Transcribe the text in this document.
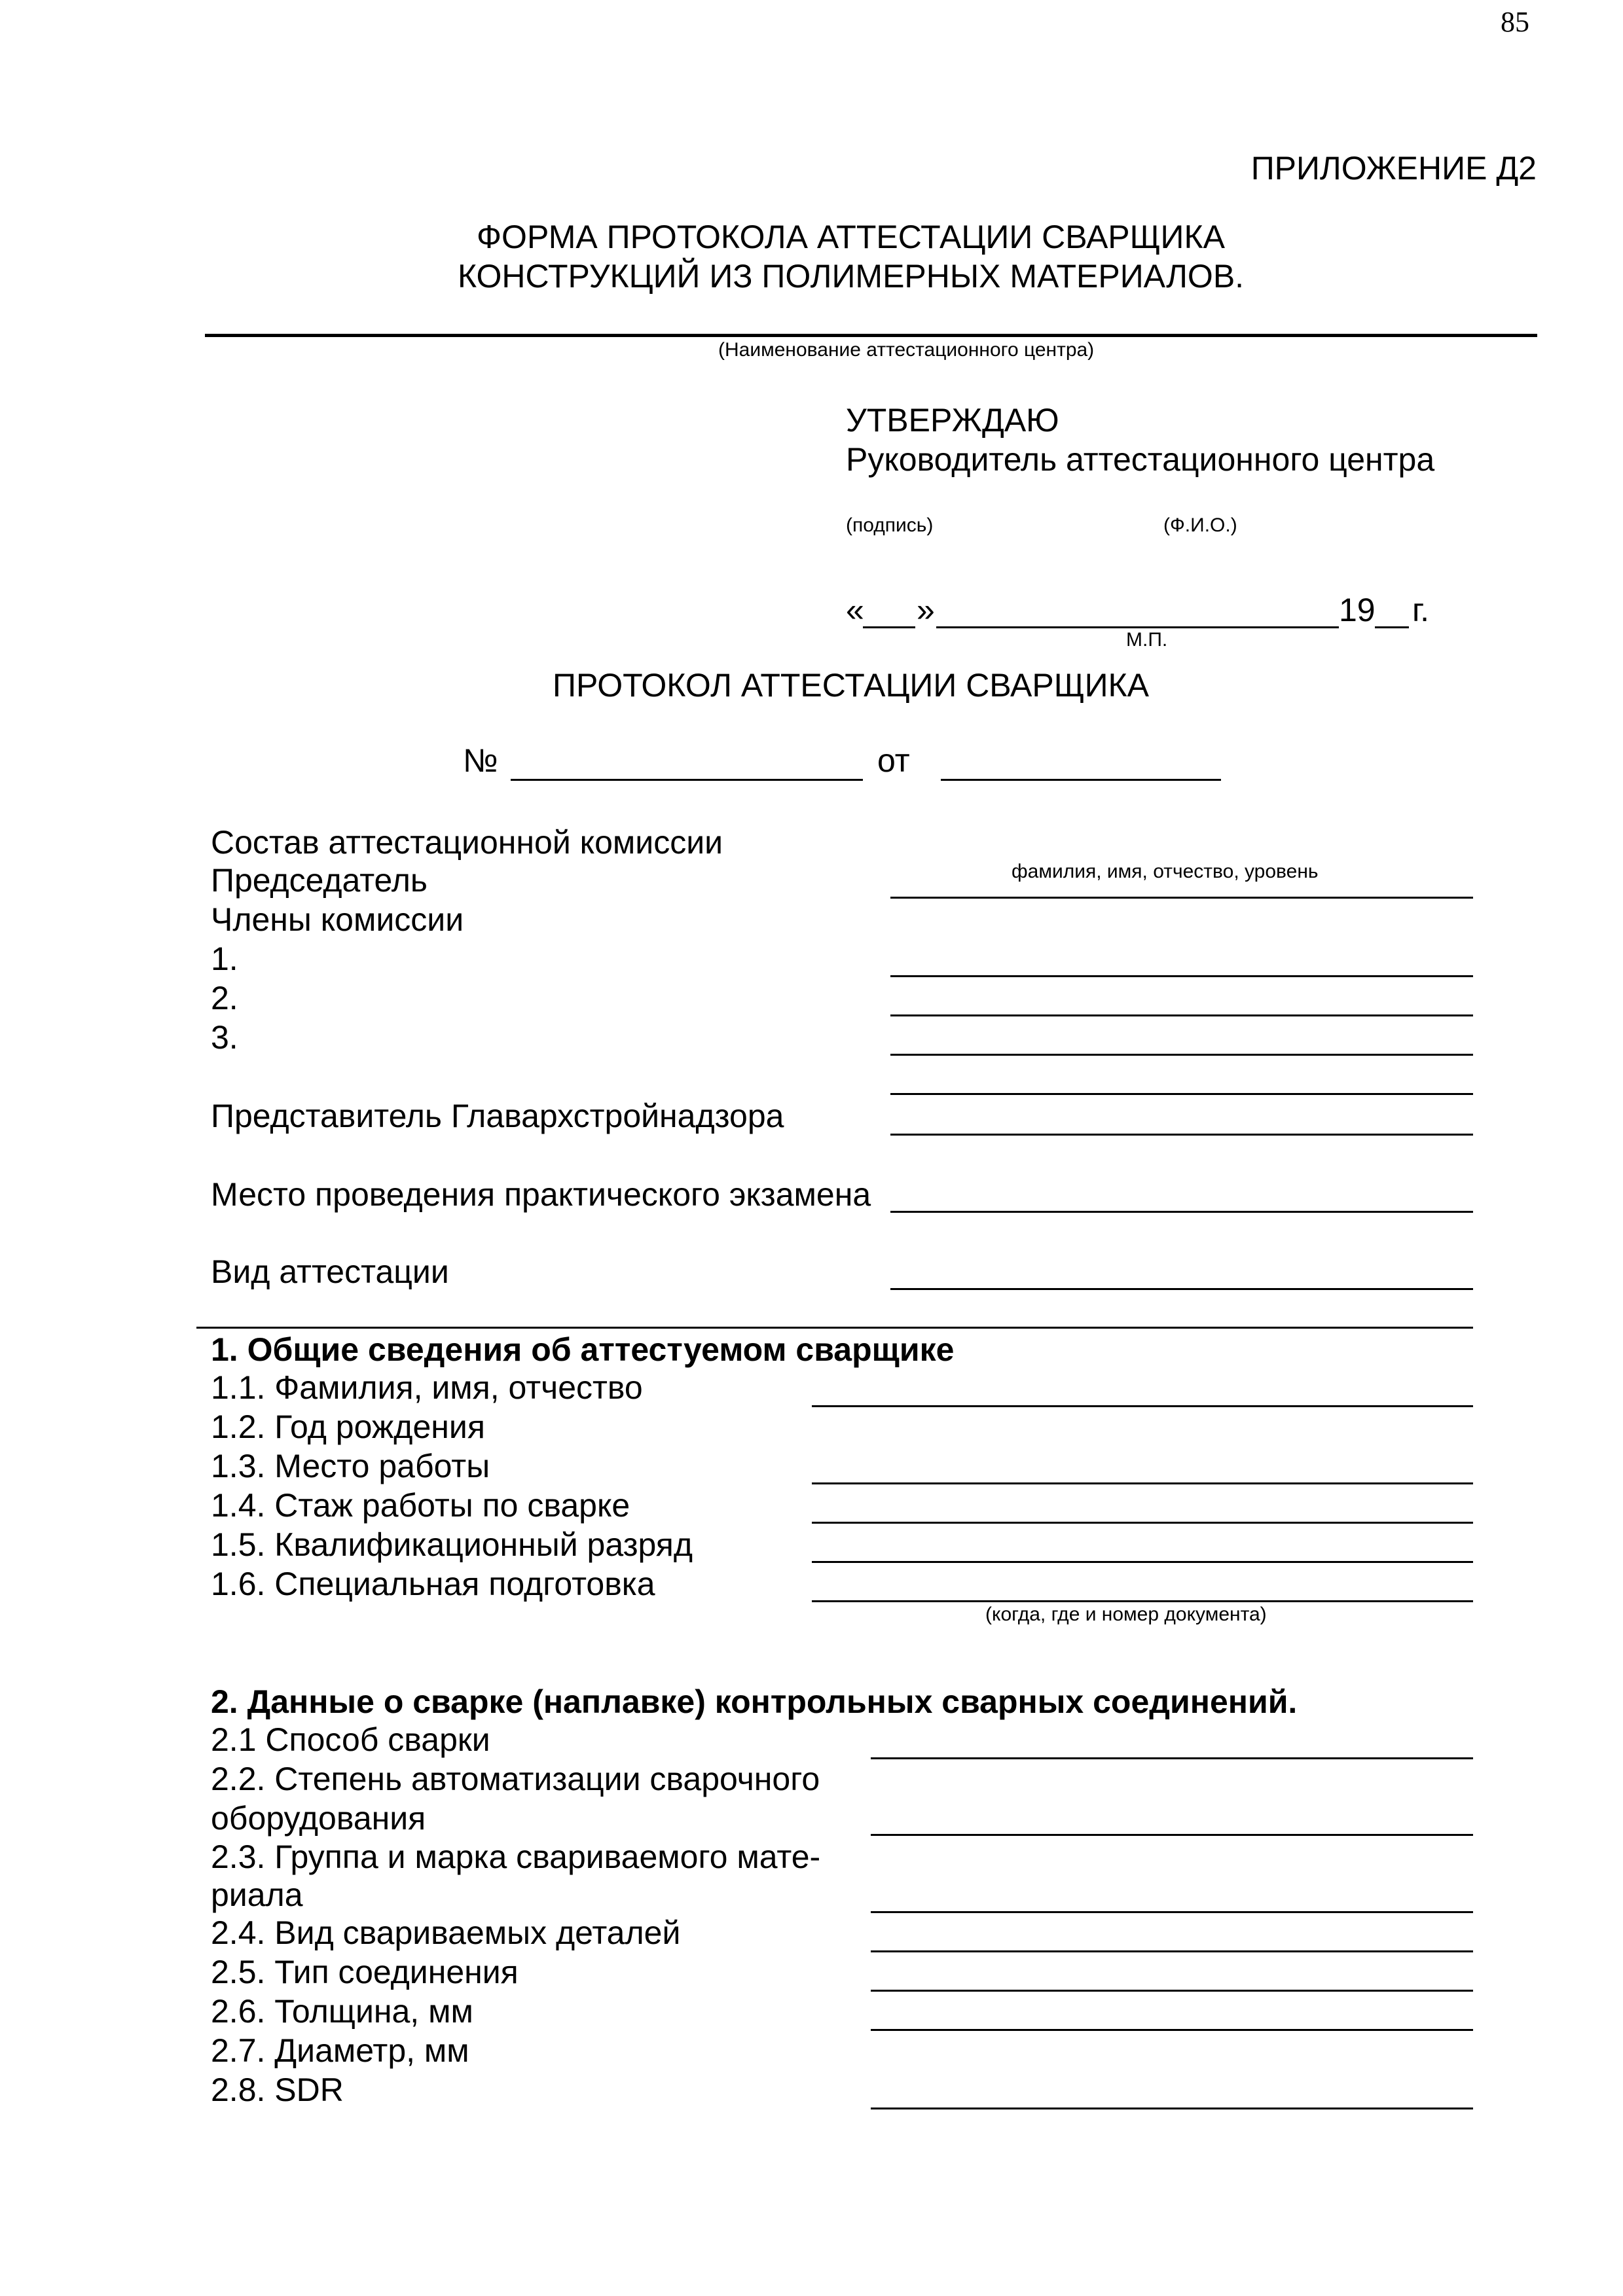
85
ПРИЛОЖЕНИЕ Д2
ФОРМА ПРОТОКОЛА АТТЕСТАЦИИ СВАРЩИКА
КОНСТРУКЦИЙ ИЗ ПОЛИМЕРНЫХ МАТЕРИАЛОВ.
(Наименование аттестационного центра)
УТВЕРЖДАЮ
Руководитель аттестационного центра
(подпись)	(Ф.И.О.)
« »	19 г.
М.П.
ПРОТОКОЛ АТТЕСТАЦИИ СВАРЩИКА
№	от
Состав аттестационной комиссии
Председатель	фамилия, имя, отчество, уровень
Члены комиссии
1.
2.
3.
Представитель Главархстройнадзора
Место проведения практического экзамена
Вид аттестации
1. Общие сведения об аттестуемом сварщике
1.1. Фамилия, имя, отчество
1.2. Год рождения
1.3. Место работы
1.4. Стаж работы по сварке
1.5. Квалификационный разряд
1.6. Специальная подготовка
(когда, где и номер документа)
2. Данные о сварке (наплавке) контрольных сварных соединений.
2.1 Способ сварки
2.2. Степень автоматизации сварочного
оборудования
2.3. Группа и марка свариваемого мате-
риала
2.4. Вид свариваемых деталей
2.5. Тип соединения
2.6. Толщина, мм
2.7. Диаметр, мм
2.8. SDR
